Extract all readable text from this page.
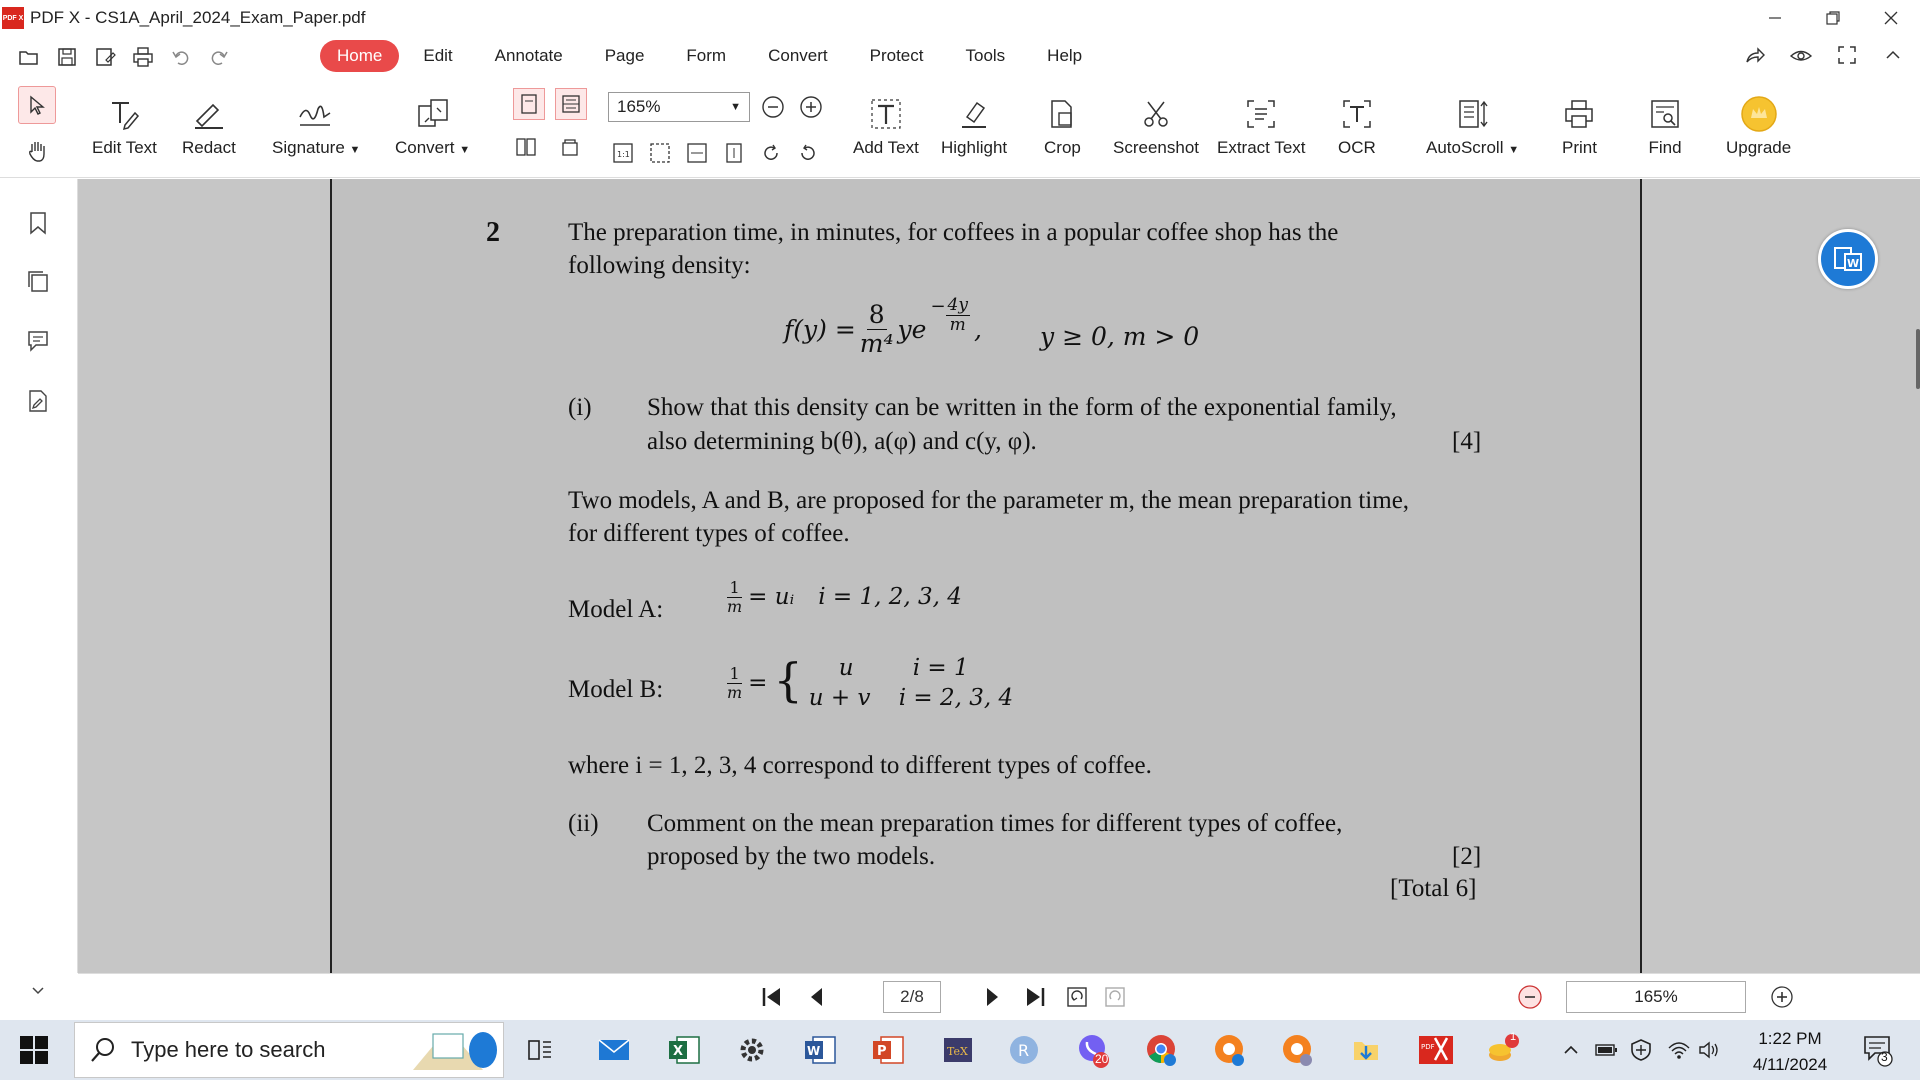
PDF X PDF X - CS1A_April_2024_Exam_Paper.pdf
Home	Edit	Annotate	Page	Form	Convert	Protect	Tools	Help
Edit Text Redact Signature ▼ Convert ▼
165%	▼
1:1	Add Text Highlight Crop Screenshot Extract Text OCR	AutoScroll ▼	Print	Find	Upgrade
2	The preparation time, in minutes, for coffees in a popular coffee shop has the
following density:
$f(y) = \frac{8}{\text{m⁴}}$ ye
− $\frac{4y}{m}$ , y ≥ 0, m > 0
(i) Show that this density can be written in the form of the exponential family,
also determining b(θ), a(φ) and c(y, φ).	[4]
Two models, A and B, are proposed for the parameter m, the mean preparation time,
for different types of coffee.
Model A:	$\frac{1}{m}$ = uᵢ i = 1, 2, 3, 4
Model B:	$\frac{1}{m}$ = {	u	i = 1
u + v	i = 2, 3, 4
where i = 1, 2, 3, 4 correspond to different types of coffee.
(ii) Comment on the mean preparation times for different types of coffee,
proposed by the two models.	[2]
[Total 6]
W
2/8	165%
Type here to search	X	W	P	TeX	R	20
PDF
1	1:22 PM
4/11/2024	3
